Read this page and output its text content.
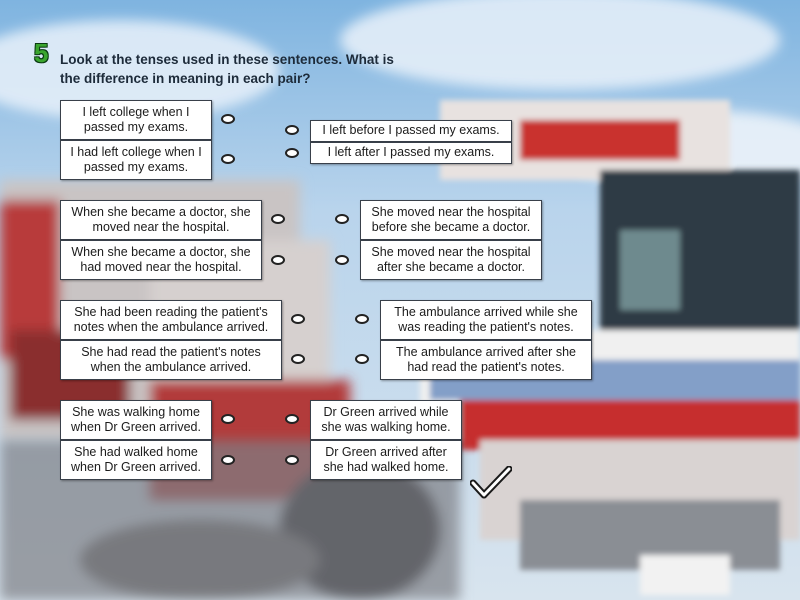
5 Look at the tenses used in these sentences. What is the difference in meaning in each pair?
I left college when I passed my exams.
I had left college when I passed my exams.
I left before I passed my exams.
I left after I passed my exams.
When she became a doctor, she moved near the hospital.
When she became a doctor, she had moved near the hospital.
She moved near the hospital before she became a doctor.
She moved near the hospital after she became a doctor.
She had been reading the patient's notes when the ambulance arrived.
She had read the patient's notes when the ambulance arrived.
The ambulance arrived while she was reading the patient's notes.
The ambulance arrived after she had read the patient's notes.
She was walking home when Dr Green arrived.
She had walked home when Dr Green arrived.
Dr Green arrived while she was walking home.
Dr Green arrived after she had walked home.
